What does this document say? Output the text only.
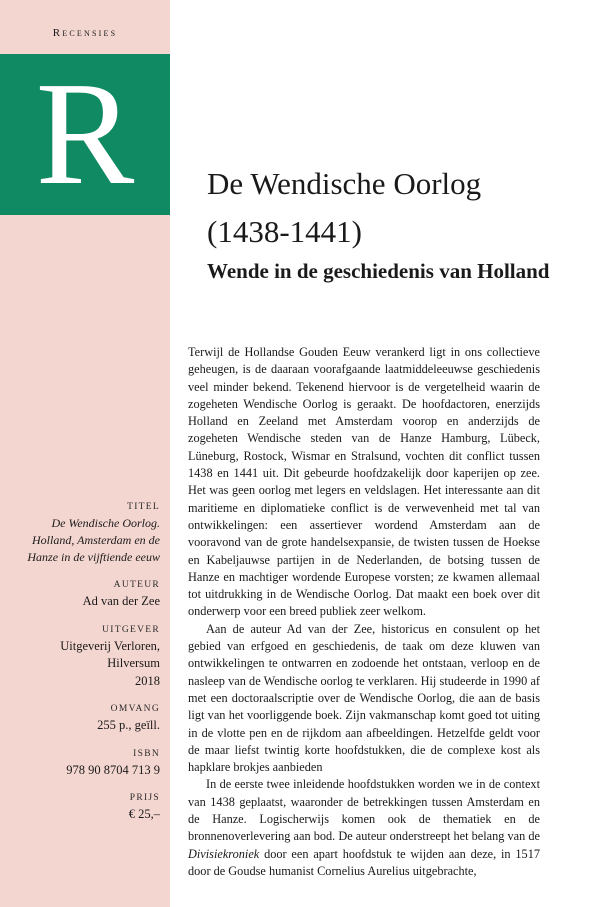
Recensies
R
TITEL
De Wendische Oorlog. Holland, Amsterdam en de Hanze in de vijftiende eeuw
AUTEUR
Ad van der Zee
UITGEVER
Uitgeverij Verloren, Hilversum
2018
OMVANG
255 p., geïll.
ISBN
978 90 8704 713 9
PRIJS
€ 25,–
De Wendische Oorlog
(1438-1441)
Wende in de geschiedenis van Holland

Terwijl de Hollandse Gouden Eeuw verankerd ligt in ons collectieve geheugen, is de daaraan voorafgaande laatmiddeleeuwse geschiedenis veel minder bekend. Tekenend hiervoor is de vergetelheid waarin de zogeheten Wendische Oorlog is geraakt. De hoofdactoren, enerzijds Holland en Zeeland met Amsterdam voorop en anderzijds de zogeheten Wendische steden van de Hanze Hamburg, Lübeck, Lüneburg, Rostock, Wismar en Stralsund, vochten dit conflict tussen 1438 en 1441 uit. Dit gebeurde hoofdzakelijk door kaperijen op zee. Het was geen oorlog met legers en veldslagen. Het interessante aan dit maritieme en diplomatieke conflict is de verwevenheid met tal van ontwikkelingen: een assertiever wordend Amsterdam aan de vooravond van de grote handelsexpansie, de twisten tussen de Hoekse en Kabeljauwse partijen in de Nederlanden, de botsing tussen de Hanze en machtiger wordende Europese vorsten; ze kwamen allemaal tot uitdrukking in de Wendische Oorlog. Dat maakt een boek over dit onderwerp voor een breed publiek zeer welkom.

Aan de auteur Ad van der Zee, historicus en consulent op het gebied van erfgoed en geschiedenis, de taak om deze kluwen van ontwikkelingen te ontwarren en zodoende het ontstaan, verloop en de nasleep van de Wendische oorlog te verklaren. Hij studeerde in 1990 af met een doctoraalscriptie over de Wendische Oorlog, die aan de basis ligt van het voorliggende boek. Zijn vakmanschap komt goed tot uiting in de vlotte pen en de rijkdom aan afbeeldingen. Hetzelfde geldt voor de maar liefst twintig korte hoofdstukken, die de complexe kost als hapklare brokjes aanbieden

In de eerste twee inleidende hoofdstukken worden we in de context van 1438 geplaatst, waaronder de betrekkingen tussen Amsterdam en de Hanze. Logischerwijs komen ook de thematiek en de bronnenoverlevering aan bod. De auteur onderstreept het belang van de Divisiekroniek door een apart hoofdstuk te wijden aan deze, in 1517 door de Goudse humanist Cornelius Aurelius uitgebrachte,
